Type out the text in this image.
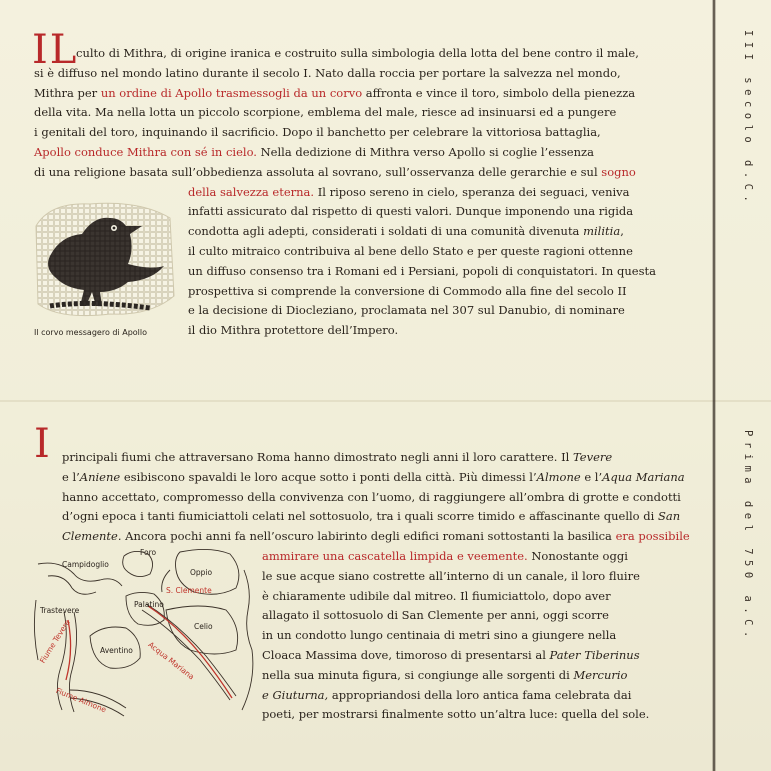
III secolo d.C.
Prima del 750 a.C.
IL
culto di Mithra, di origine iranica e costruito sulla simbologia della lotta del bene contro il male,
si è diffuso nel mondo latino durante il secolo I. Nato dalla roccia per portare la salvezza nel mondo,
Mithra per un ordine di Apollo trasmessogli da un corvo affronta e vince il toro, simbolo della pienezza
della vita. Ma nella lotta un piccolo scorpione, emblema del male, riesce ad insinuarsi ed a pungere
i genitali del toro, inquinando il sacrificio. Dopo il banchetto per celebrare la vittoriosa battaglia,
Apollo conduce Mithra con sé in cielo. Nella dedizione di Mithra verso Apollo si coglie l’essenza
di una religione basata sull’obbedienza assoluta al sovrano, sull’osservanza delle gerarchie e sul sogno
della salvezza eterna. Il riposo sereno in cielo, speranza dei seguaci, veniva
infatti assicurato dal rispetto di questi valori. Dunque imponendo una rigida
condotta agli adepti, considerati i soldati di una comunità divenuta militia,
il culto mitraico contribuiva al bene dello Stato e per queste ragioni ottenne
un diffuso consenso tra i Romani ed i Persiani, popoli di conquistatori. In questa
prospettiva si comprende la conversione di Commodo alla fine del secolo II
e la decisione di Diocleziano, proclamata nel 307 sul Danubio, di nominare
il dio Mithra protettore dell’Impero.
Il corvo messagero di Apollo
I principali fiumi che attraversano Roma hanno dimostrato negli anni il loro carattere. Il Tevere
e l’Aniene esibiscono spavaldi le loro acque sotto i ponti della città. Più dimessi l’Almone e l’Aqua Mariana
hanno accettato, compromesso della convivenza con l’uomo, di raggiungere all’ombra di grotte e condotti
d’ogni epoca i tanti fiumiciattoli celati nel sottosuolo, tra i quali scorre timido e affascinante quello di San
Clemente. Ancora pochi anni fa nell’oscuro labirinto degli edifici romani sottostanti la basilica era possibile
ammirare una cascatella limpida e veemente. Nonostante oggi
le sue acque siano costrette all’interno di un canale, il loro fluire
è chiaramente udibile dal mitreo. Il fiumiciattolo, dopo aver
allagato il sottosuolo di San Clemente per anni, oggi scorre
in un condotto lungo centinaia di metri sino a giungere nella
Cloaca Massima dove, timoroso di presentarsi al Pater Tiberinus
nella sua minuta figura, si congiunge alle sorgenti di Mercurio
e Giuturna, appropriandosi della loro antica fama celebrata dai
poeti, per mostrarsi finalmente sotto un’altra luce: quella del sole.
Foro
Campidoglio
Oppio
S. Clemente
Palatino
Trastevere
Celio
Aventino Acqua Mariana
Fiume Tevere
Fiume Almone
